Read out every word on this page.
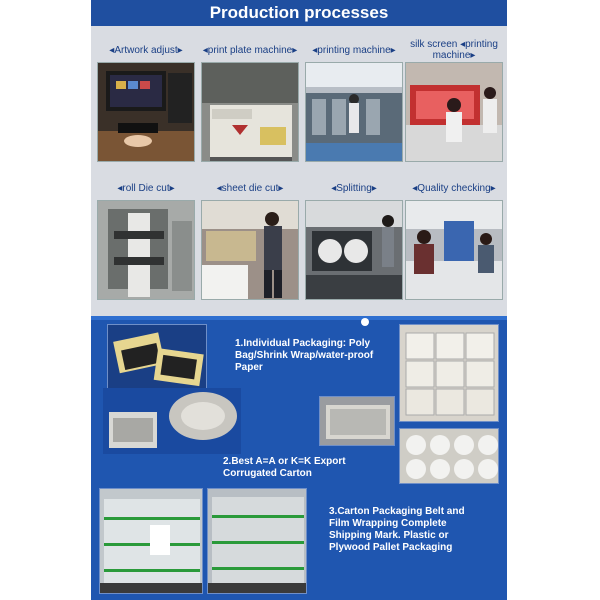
Production processes
◂Artwork adjust▸	◂print plate machine▸	◂printing machine▸	silk screen ◂printing machine▸
◂roll Die cut▸	◂sheet die cut▸	◂Splitting▸	◂Quality checking▸
1.Individual Packaging: Poly Bag/Shrink Wrap/water-proof Paper
2.Best A=A or K=K Export Corrugated Carton
3.Carton Packaging Belt and Film Wrapping Complete Shipping Mark. Plastic or Plywood Pallet Packaging
